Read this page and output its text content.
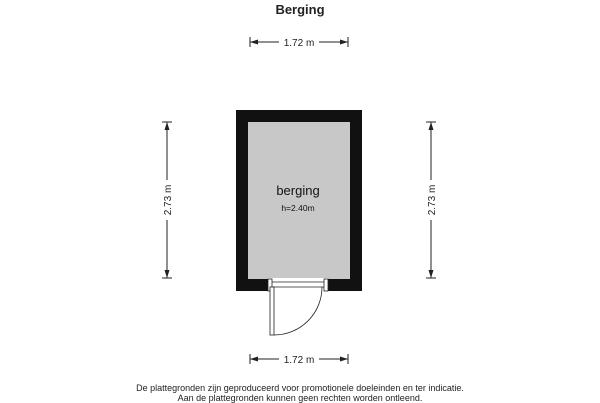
Berging
1.72 m
2.73 m	2.73 m
berging
h=2.40m
1.72 m
De plattegronden zijn geproduceerd voor promotionele doeleinden en ter indicatie.
Aan de plattegronden kunnen geen rechten worden ontleend.
